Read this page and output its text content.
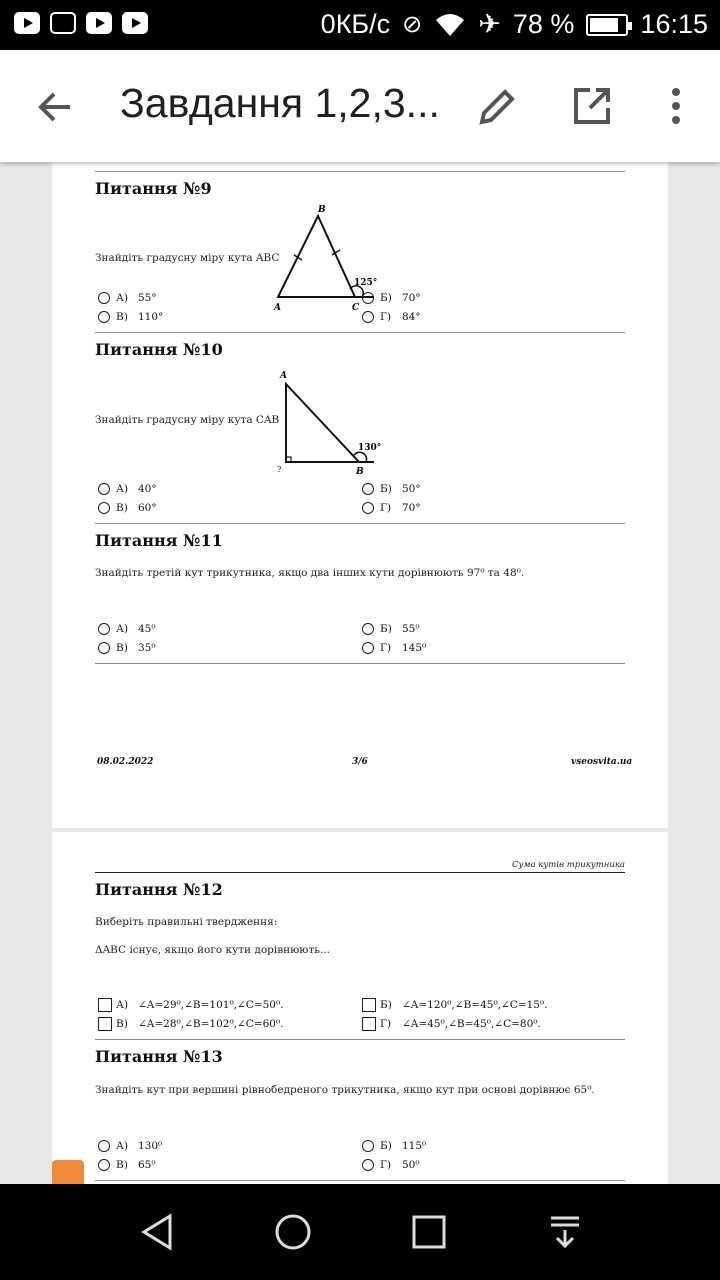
0КБ/с ⊘ ✈ 78 % 16:15
Завдання 1,2,3...
Питання №9
Знайдіть градусну міру кута ABC
B
A	C
125°
А) 55°	Б) 70°
В) 110°	Г)	84°
Питання №10
Знайдіть градусну міру кута CAB
A
B
?
130°
А) 40°	Б) 50°
В) 60°	Г)	70°
Питання №11
Знайдіть третій кут трикутника, якщо два інших кути дорівнюють 97⁰ та 48⁰.
А) 45⁰	Б) 55⁰
В) 35⁰	Г)	145⁰
08.02.2022	3/6	vseosvita.ua
Сума кутів трикутника
Питання №12
Виберіть правильні твердження:
ΔABC існує, якщо його кути дорівнюють...
А) ∠A=29⁰,∠B=101⁰,∠C=50⁰.	Б) ∠A=120⁰,∠B=45⁰,∠C=15⁰.
В) ∠A=28⁰,∠B=102⁰,∠C=60⁰.	Г)	∠A=45⁰,∠B=45⁰,∠C=80⁰.
Питання №13
Знайдіть кут при вершині рівнобедреного трикутника, якщо кут при основі дорівнює 65⁰.
А) 130⁰	Б) 115⁰
В) 65⁰	Г)	50⁰
